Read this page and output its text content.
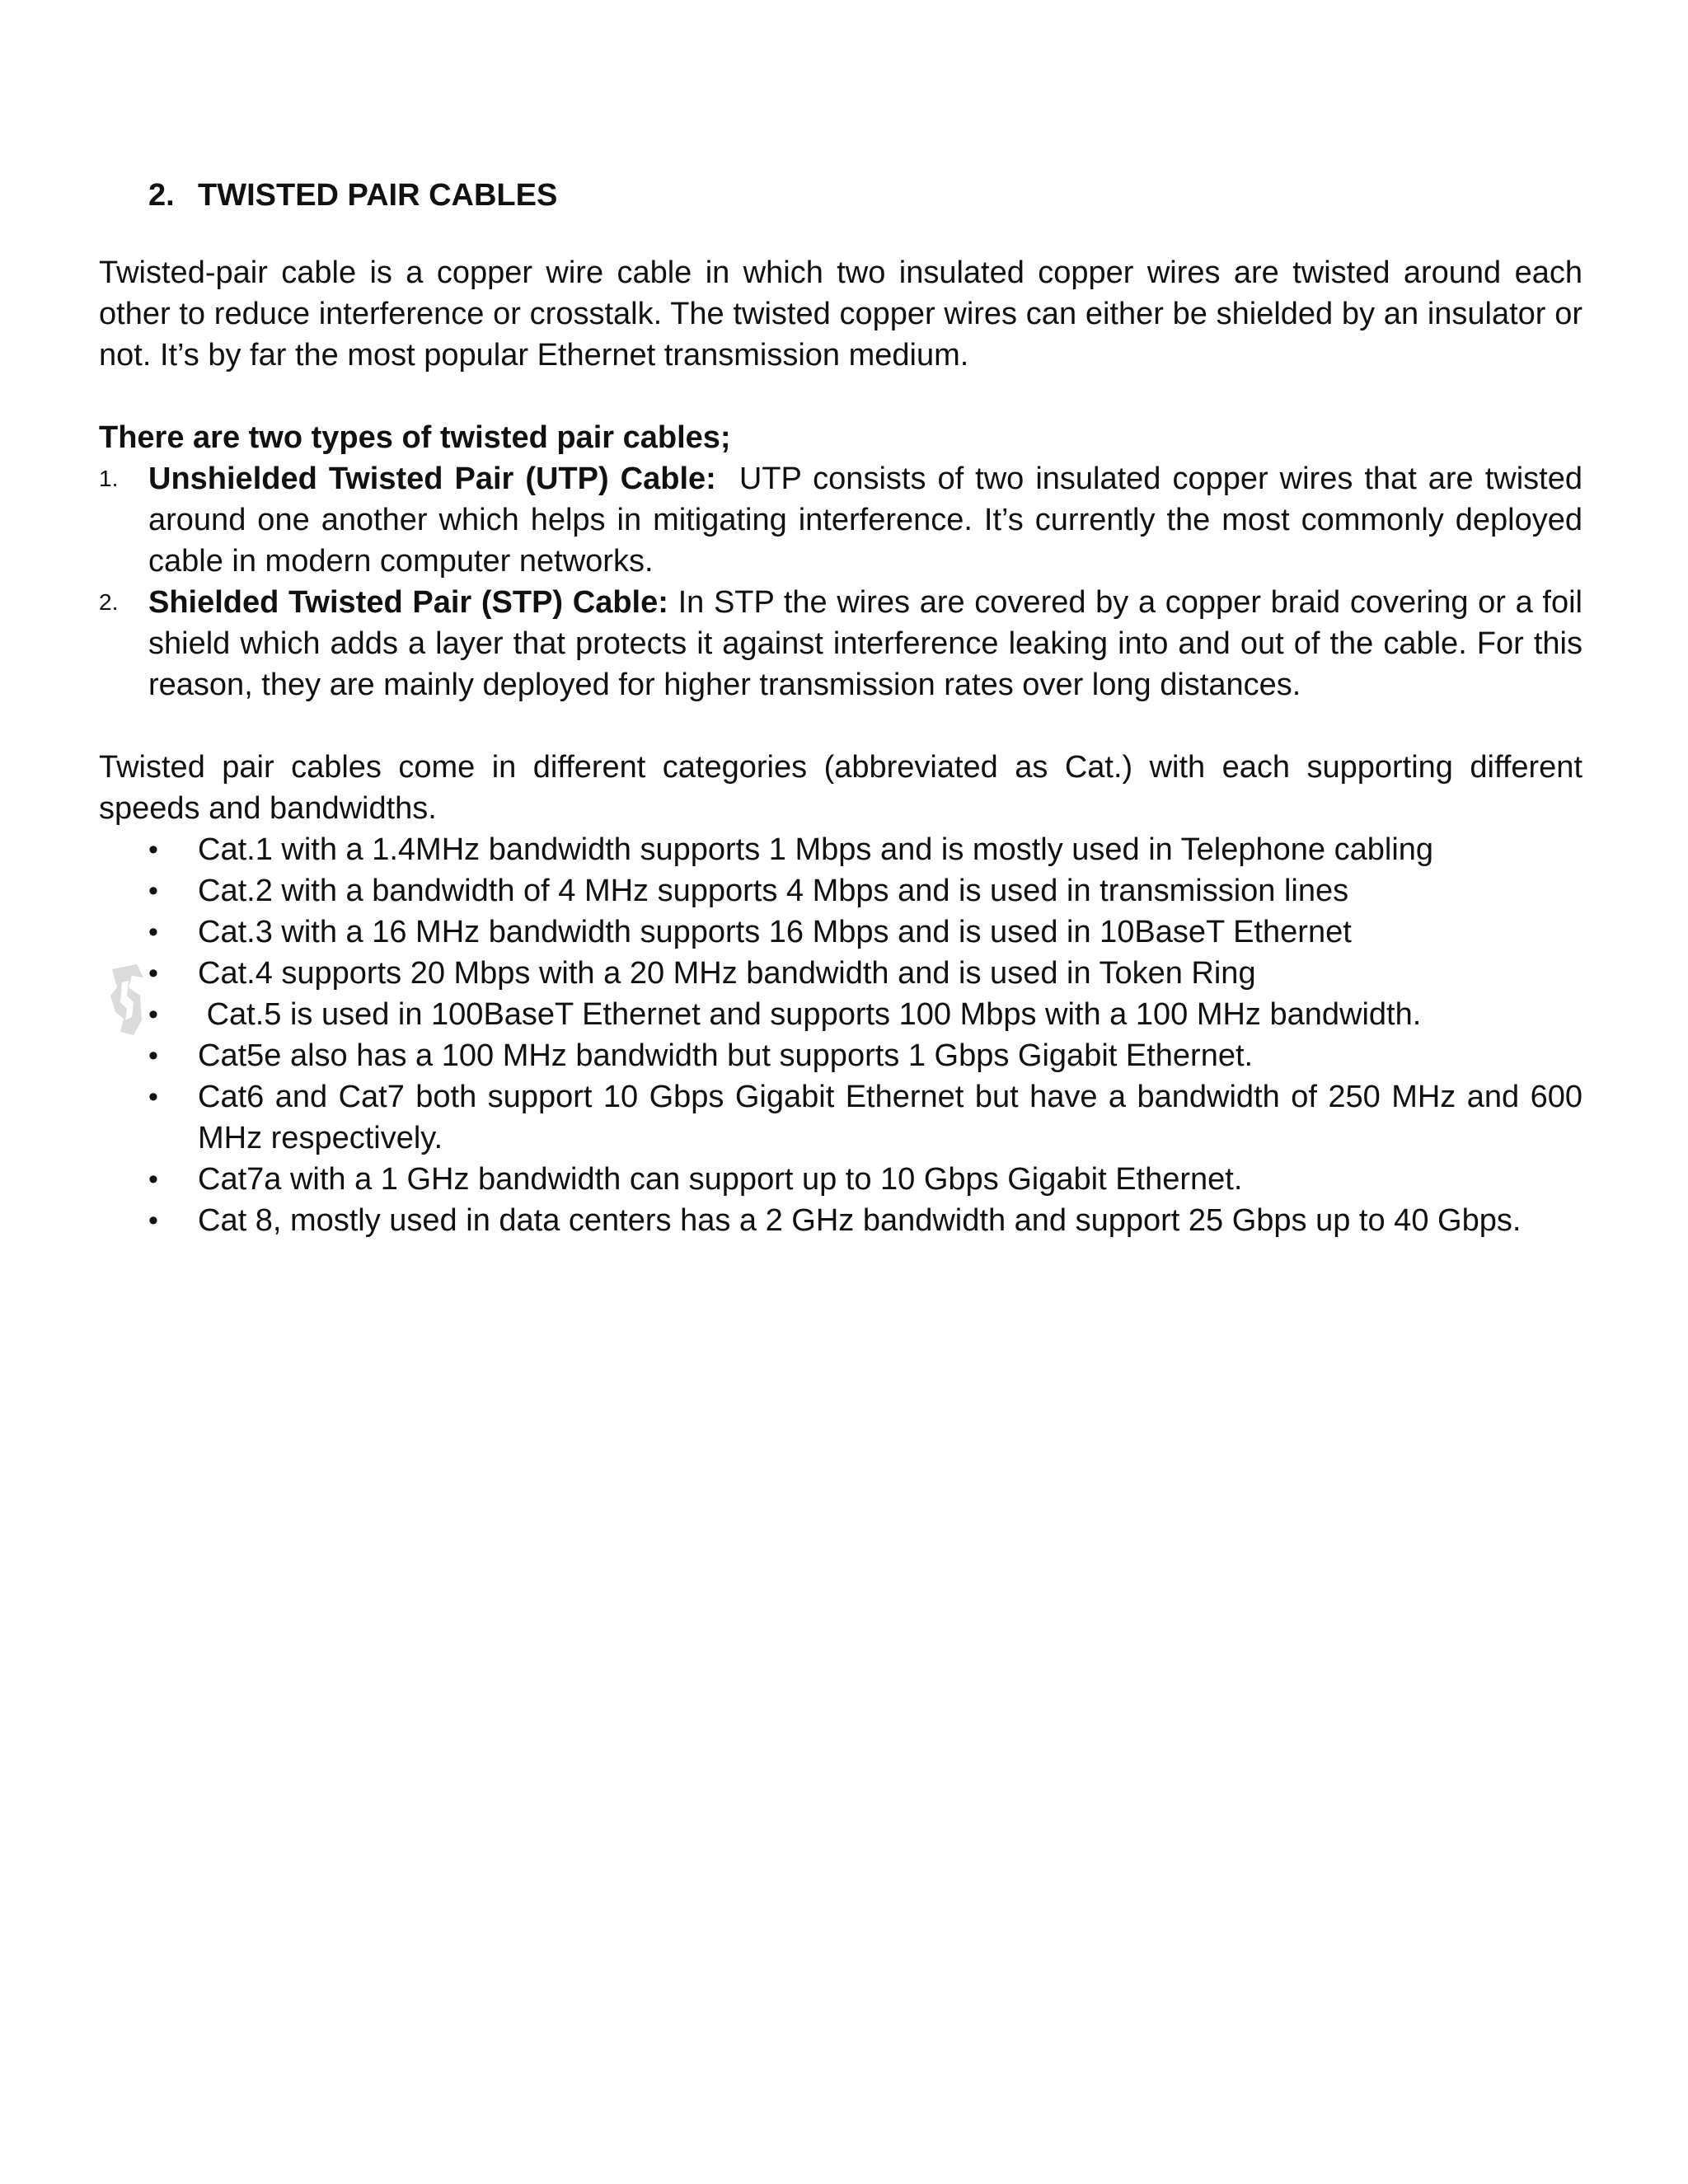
2. TWISTED PAIR CABLES

Twisted-pair cable is a copper wire cable in which two insulated copper wires are twisted around each other to reduce interference or crosstalk. The twisted copper wires can either be shielded by an insulator or not. It’s by far the most popular Ethernet transmission medium.

There are two types of twisted pair cables;

1. Unshielded Twisted Pair (UTP) Cable: UTP consists of two insulated copper wires that are twisted around one another which helps in mitigating interference. It’s currently the most commonly deployed cable in modern computer networks.
2. Shielded Twisted Pair (STP) Cable: In STP the wires are covered by a copper braid covering or a foil shield which adds a layer that protects it against interference leaking into and out of the cable. For this reason, they are mainly deployed for higher transmission rates over long distances.

Twisted pair cables come in different categories (abbreviated as Cat.) with each supporting different speeds and bandwidths.

•	Cat.1 with a 1.4MHz bandwidth supports 1 Mbps and is mostly used in Telephone cabling
•	Cat.2 with a bandwidth of 4 MHz supports 4 Mbps and is used in transmission lines
•	Cat.3 with a 16 MHz bandwidth supports 16 Mbps and is used in 10BaseT Ethernet
•	Cat.4 supports 20 Mbps with a 20 MHz bandwidth and is used in Token Ring
•	Cat.5 is used in 100BaseT Ethernet and supports 100 Mbps with a 100 MHz bandwidth.
•	Cat5e also has a 100 MHz bandwidth but supports 1 Gbps Gigabit Ethernet.
•	Cat6 and Cat7 both support 10 Gbps Gigabit Ethernet but have a bandwidth of 250 MHz and 600 MHz respectively.
•	Cat7a with a 1 GHz bandwidth can support up to 10 Gbps Gigabit Ethernet.
•	Cat 8, mostly used in data centers has a 2 GHz bandwidth and support 25 Gbps up to 40 Gbps.
